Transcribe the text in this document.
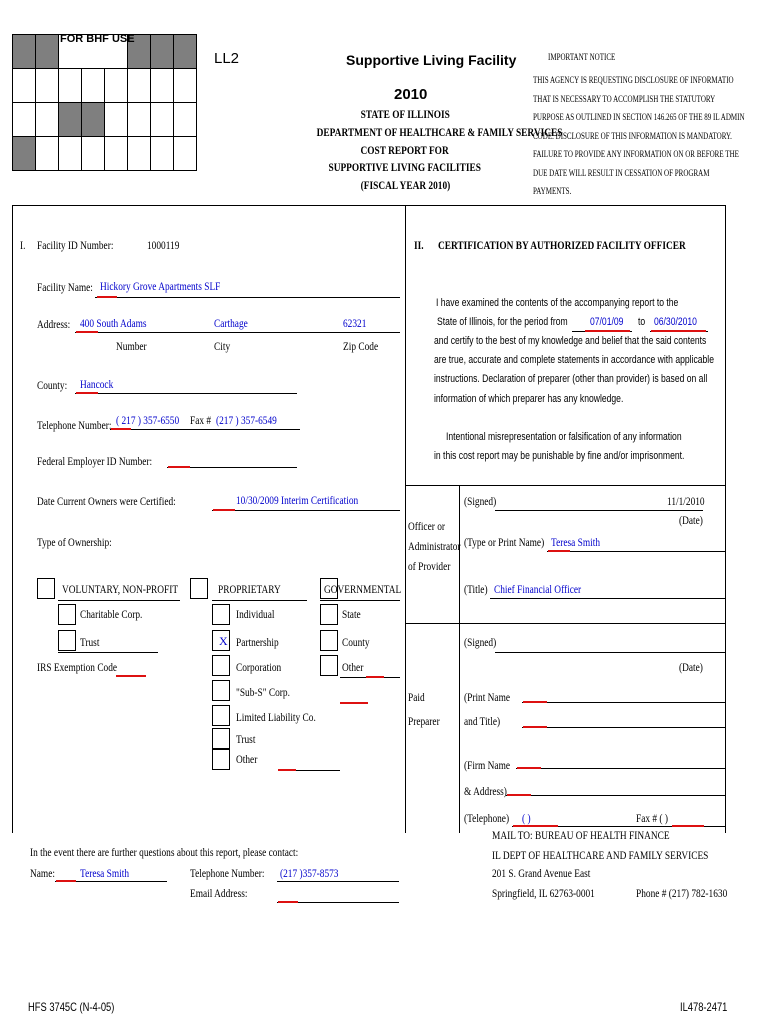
FOR BHF USE
LL2	Supportive Living Facility
2010
STATE OF ILLINOIS
DEPARTMENT OF HEALTHCARE & FAMILY SERVICES
COST REPORT FOR
SUPPORTIVE LIVING FACILITIES
(FISCAL YEAR 2010)
IMPORTANT NOTICE
THIS AGENCY IS REQUESTING DISCLOSURE OF INFORMATIO
THAT IS NECESSARY TO ACCOMPLISH THE STATUTORY
PURPOSE AS OUTLINED IN SECTION 146.265 OF THE 89 IL ADMIN
CODE. DISCLOSURE OF THIS INFORMATION IS MANDATORY.
FAILURE TO PROVIDE ANY INFORMATION ON OR BEFORE THE
DUE DATE WILL RESULT IN CESSATION OF PROGRAM
PAYMENTS.
I. Facility ID Number:	1000119
Facility Name: Hickory Grove Apartments SLF
Address: 400 South Adams	Carthage	62321
Number	City	Zip Code
County:	Hancock
Telephone Number: ( 217 ) 357-6550 Fax # (217 ) 357-6549
Federal Employer ID Number:
Date Current Owners were Certified:	10/30/2009 Interim Certification
Type of Ownership:
VOLUNTARY, NON-PROFIT
Charitable Corp.
Trust
IRS Exemption Code
PROPRIETARY
Individual
X Partnership
Corporation
"Sub-S" Corp.
Limited Liability Co.
Trust
Other
GOVERNMENTAL
State
County
Other
In the event there are further questions about this report, please contact:
Name:	Teresa Smith	Telephone Number:	(217 )357-8573
Email Address:
II. CERTIFICATION BY AUTHORIZED FACILITY OFFICER
I have examined the contents of the accompanying report to the
State of Illinois, for the period from	07/01/09	to 06/30/2010
and certify to the best of my knowledge and belief that the said contents
are true, accurate and complete statements in accordance with applicable
instructions. Declaration of preparer (other than provider) is based on all
information of which preparer has any knowledge.
Intentional misrepresentation or falsification of any information
in this cost report may be punishable by fine and/or imprisonment.
Officer or
Administrator
of Provider
(Signed)	11/1/2010
(Date)
(Type or Print Name) Teresa Smith
(Title) Chief Financial Officer
Paid
Preparer
(Signed)
(Date)
(Print Name
and Title)
(Firm Name
& Address)
(Telephone)	( )	Fax # ( )
MAIL TO: BUREAU OF HEALTH FINANCE
IL DEPT OF HEALTHCARE AND FAMILY SERVICES
201 S. Grand Avenue East
Springfield, IL 62763-0001	Phone # (217) 782-1630
HFS 3745C (N-4-05)	IL478-2471
